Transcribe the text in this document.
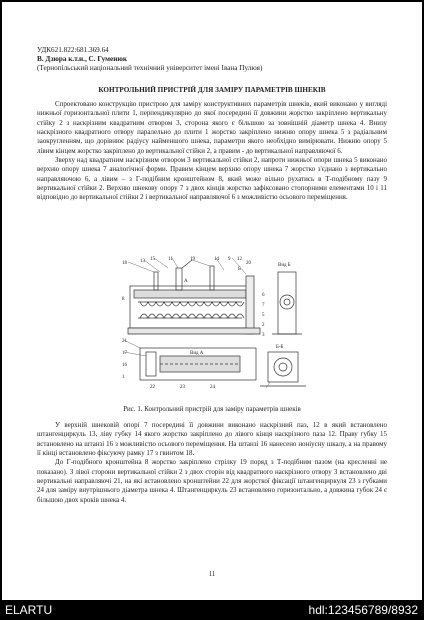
УДК621.822:681.369.64
В. Дзюра к.т.н., С. Гуменюк
(Тернопільський національний технічний університет імені Івана Пулюя)
КОНТРОЛЬНИЙ ПРИСТРІЙ ДЛЯ ЗАМІРУ ПАРАМЕТРІВ ШНЕКІВ

Спроектовано конструкцію пристрою для заміру конструктивних параметрів шнеків, який виконано у вигляді нижньої горизонтальної плити 1, перпендикулярно до якої посередині її довжини жорстко закріплено вертикальну стійку 2 з наскрізним квадратним отвором 3, сторона якого є більшою за зовнішній діаметр шнека 4. Внизу наскрізного квадратного отвору паралельно до плити 1 жорстко закріплено нижню опору шнека 5 з радіальним заокругленням, що дорівнює радіусу найменшого шнека, параметри якого необхідно вимірювати. Нижню опору 5 лівим кінцем жорстко закріплено до вертикальної стійки 2, а правим - до вертикальної направляючої 6.

Зверху над квадратним наскрізним отвором 3 вертикальної стійки 2, напроти нижньої опори шнека 5 виконано верхню опору шнека 7 аналогічної форми. Правим кінцем верхню опору шнека 7 жорстко з'єднано з вертикально направляючою 6, а лівим – з Г-подібним кронштейном 8, який може вільно рухатись в Т-подібному пазу 9 вертикальної стійки 2. Верхню шнекову опору 7 з двох кінців жорстко зафіксовано стопорними елементами 10 і 11 відповідно до вертикальної стійки 2 і вертикальної направляючої 6 з можливістю осьового переміщення.

18	13 15	11	19	14 9 12
20	Вид Б
А
Б
8
6
7
5
21
17
16
1
2
3
22	23	24
Вид А
Б-Б
Рис. 1. Контрольний пристрій для заміру параметрів шнеків

У верхній шнековій опорі 7 посередині її довжини виконано наскрізний паз, 12 в який встановлено штангенциркуль 13, ліву губку 14 якого жорстко закріплено до лівого кінця наскрізного паза 12. Праву губку 15 встановлено на штанзі 16 з можливістю осьового переміщення. На штанзі 16 нанесено ноніусну шкалу, а на правому її кінці встановлено фіксуючу рамку 17 з гвинтом 18.

До Г-подібного кронштейна 8 жорстко закріплено стрілку 19 поряд з Т-подібним пазом (на кресленні не показано). З лівої сторони вертикальної стійки 2 з двох сторін від квадратного наскрізного отвору 3 встановлено дві вертикальні направляючі 21, на які встановлено кронштейни 22 для жорсткої фіксації штангенциркуля 23 з губками 24 для заміру внутрішнього діаметра шнека 4. Штангенциркуль 23 встановлено горизонтально, а довжина губок 24 є більшою двох кроків шнека 4.

11
ELARTU	hdl:123456789/8932
